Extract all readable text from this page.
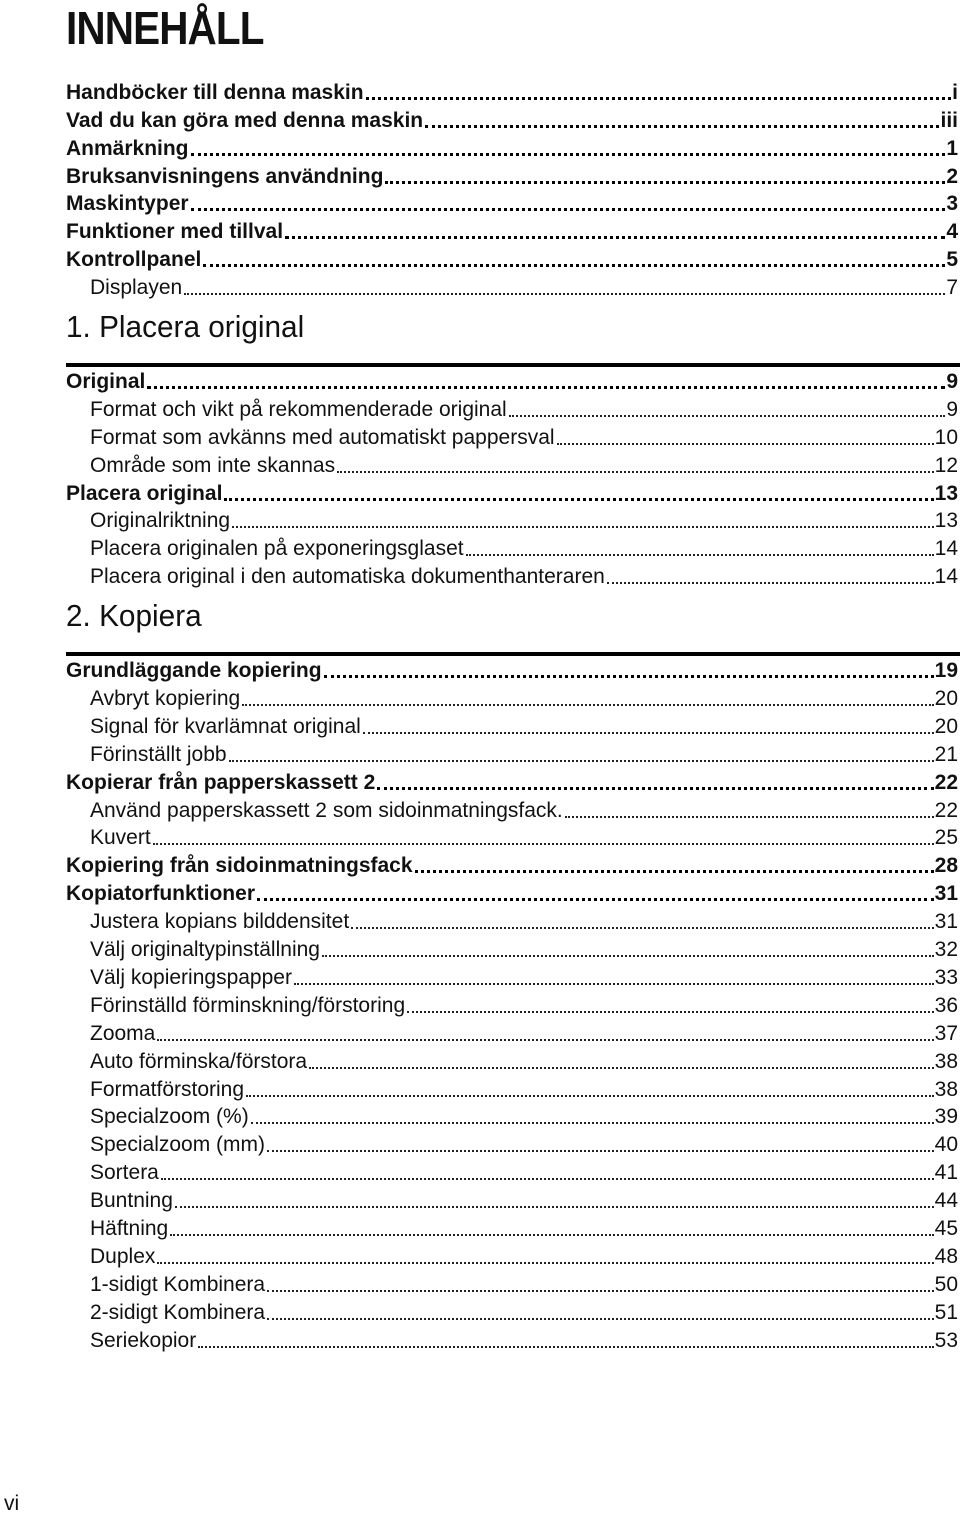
INNEHÅLL
Handböcker till denna maskin	i
Vad du kan göra med denna maskin	iii
Anmärkning	1
Bruksanvisningens användning	2
Maskintyper	3
Funktioner med tillval	4
Kontrollpanel	5
Displayen	7
1. Placera original
Original	9
Format och vikt på rekommenderade original	9
Format som avkänns med automatiskt pappersval	10
Område som inte skannas	12
Placera original	13
Originalriktning	13
Placera originalen på exponeringsglaset	14
Placera original i den automatiska dokumenthanteraren	14
2. Kopiera
Grundläggande kopiering	19
Avbryt kopiering	20
Signal för kvarlämnat original	20
Förinställt jobb	21
Kopierar från papperskassett 2	22
Använd papperskassett 2 som sidoinmatningsfack.	22
Kuvert	25
Kopiering från sidoinmatningsfack	28
Kopiatorfunktioner	31
Justera kopians bilddensitet	31
Välj originaltypinställning	32
Välj kopieringspapper	33
Förinställd förminskning/förstoring	36
Zooma	37
Auto förminska/förstora	38
Formatförstoring	38
Specialzoom (%)	39
Specialzoom (mm)	40
Sortera	41
Buntning	44
Häftning	45
Duplex	48
1-sidigt Kombinera	50
2-sidigt Kombinera	51
Seriekopior	53
vi
